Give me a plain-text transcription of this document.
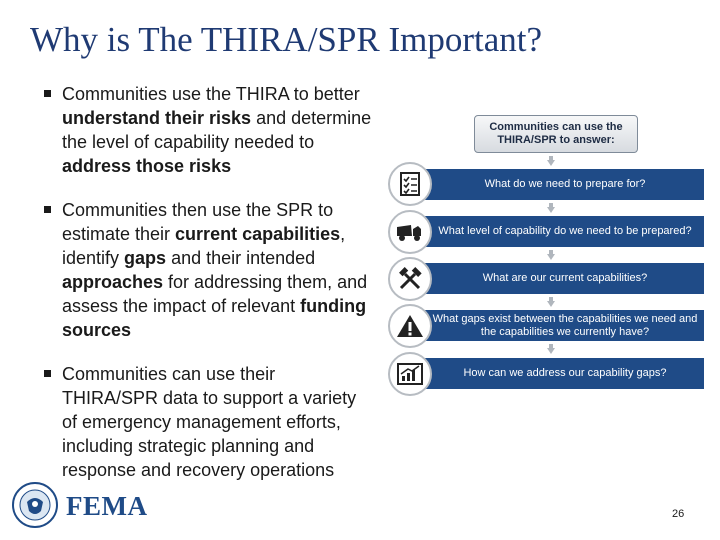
Why is The THIRA/SPR Important?
Communities use the THIRA to better understand their risks and determine the level of capability needed to address those risks
Communities then use the SPR to estimate their current capabilities, identify gaps and their intended approaches for addressing them, and assess the impact of relevant funding sources
Communities can use their THIRA/SPR data to support a variety of emergency management efforts, including strategic planning and response and recovery operations
Communities can use the
THIRA/SPR to answer:
What do we need to prepare for?
What level of capability do we need to be prepared?
What are our current capabilities?
What gaps exist between the capabilities we need and the capabilities we currently have?
How can we address our capability gaps?
FEMA	26
